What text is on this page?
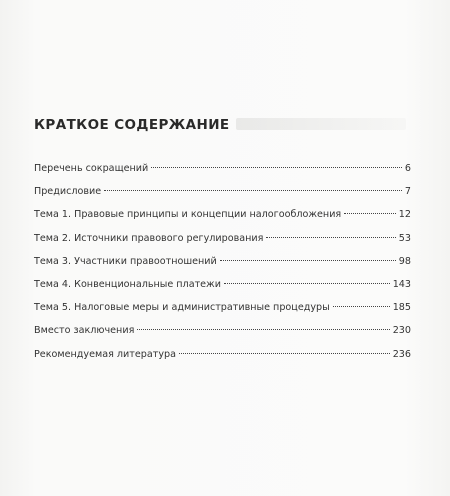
КРАТКОЕ СОДЕРЖАНИЕ
Перечень сокращений	6
Предисловие	7
Тема 1. Правовые принципы и концепции налогообложения	12
Тема 2. Источники правового регулирования	53
Тема 3. Участники правоотношений	98
Тема 4. Конвенциональные платежи	143
Тема 5. Налоговые меры и административные процедуры	185
Вместо заключения	230
Рекомендуемая литература	236
